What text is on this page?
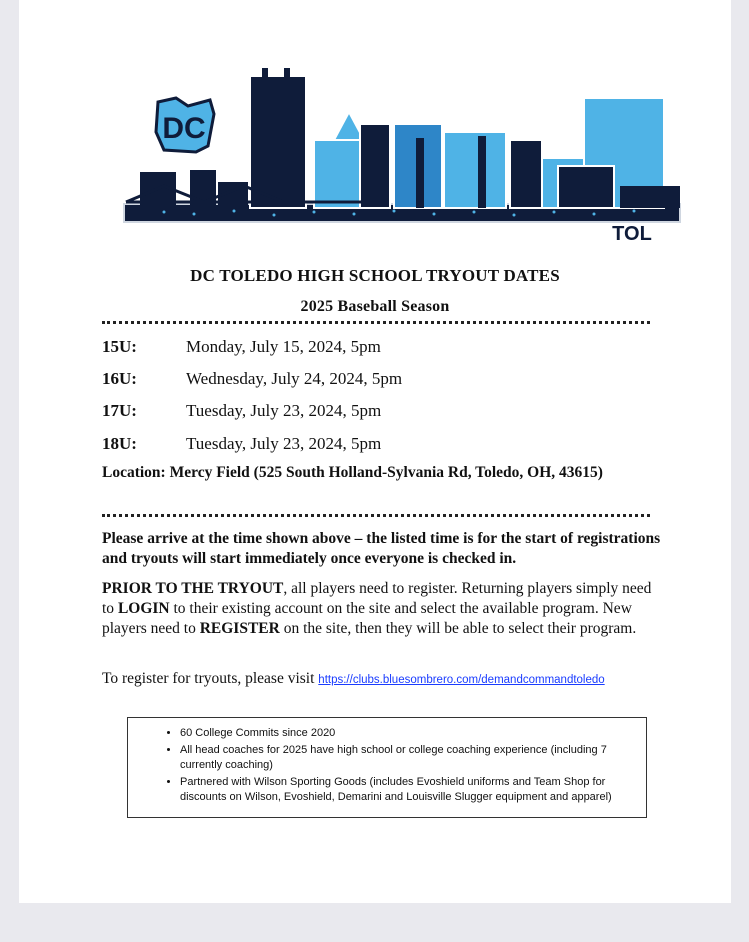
DC
TOL
DC TOLEDO HIGH SCHOOL TRYOUT DATES
2025 Baseball Season
15U:	Monday, July 15, 2024, 5pm
16U:	Wednesday, July 24, 2024, 5pm
17U:	Tuesday, July 23, 2024, 5pm
18U:	Tuesday, July 23, 2024, 5pm
Location: Mercy Field (525 South Holland-Sylvania Rd, Toledo, OH, 43615)
Please arrive at the time shown above – the listed time is for the start of registrations and tryouts will start immediately once everyone is checked in.
PRIOR TO THE TRYOUT, all players need to register. Returning players simply need to LOGIN to their existing account on the site and select the available program. New players need to REGISTER on the site, then they will be able to select their program.
To register for tryouts, please visit https://clubs.bluesombrero.com/demandcommandtoledo
• 60 College Commits since 2020
• All head coaches for 2025 have high school or college coaching experience (including 7 currently coaching)
• Partnered with Wilson Sporting Goods (includes Evoshield uniforms and Team Shop for discounts on Wilson, Evoshield, Demarini and Louisville Slugger equipment and apparel)
